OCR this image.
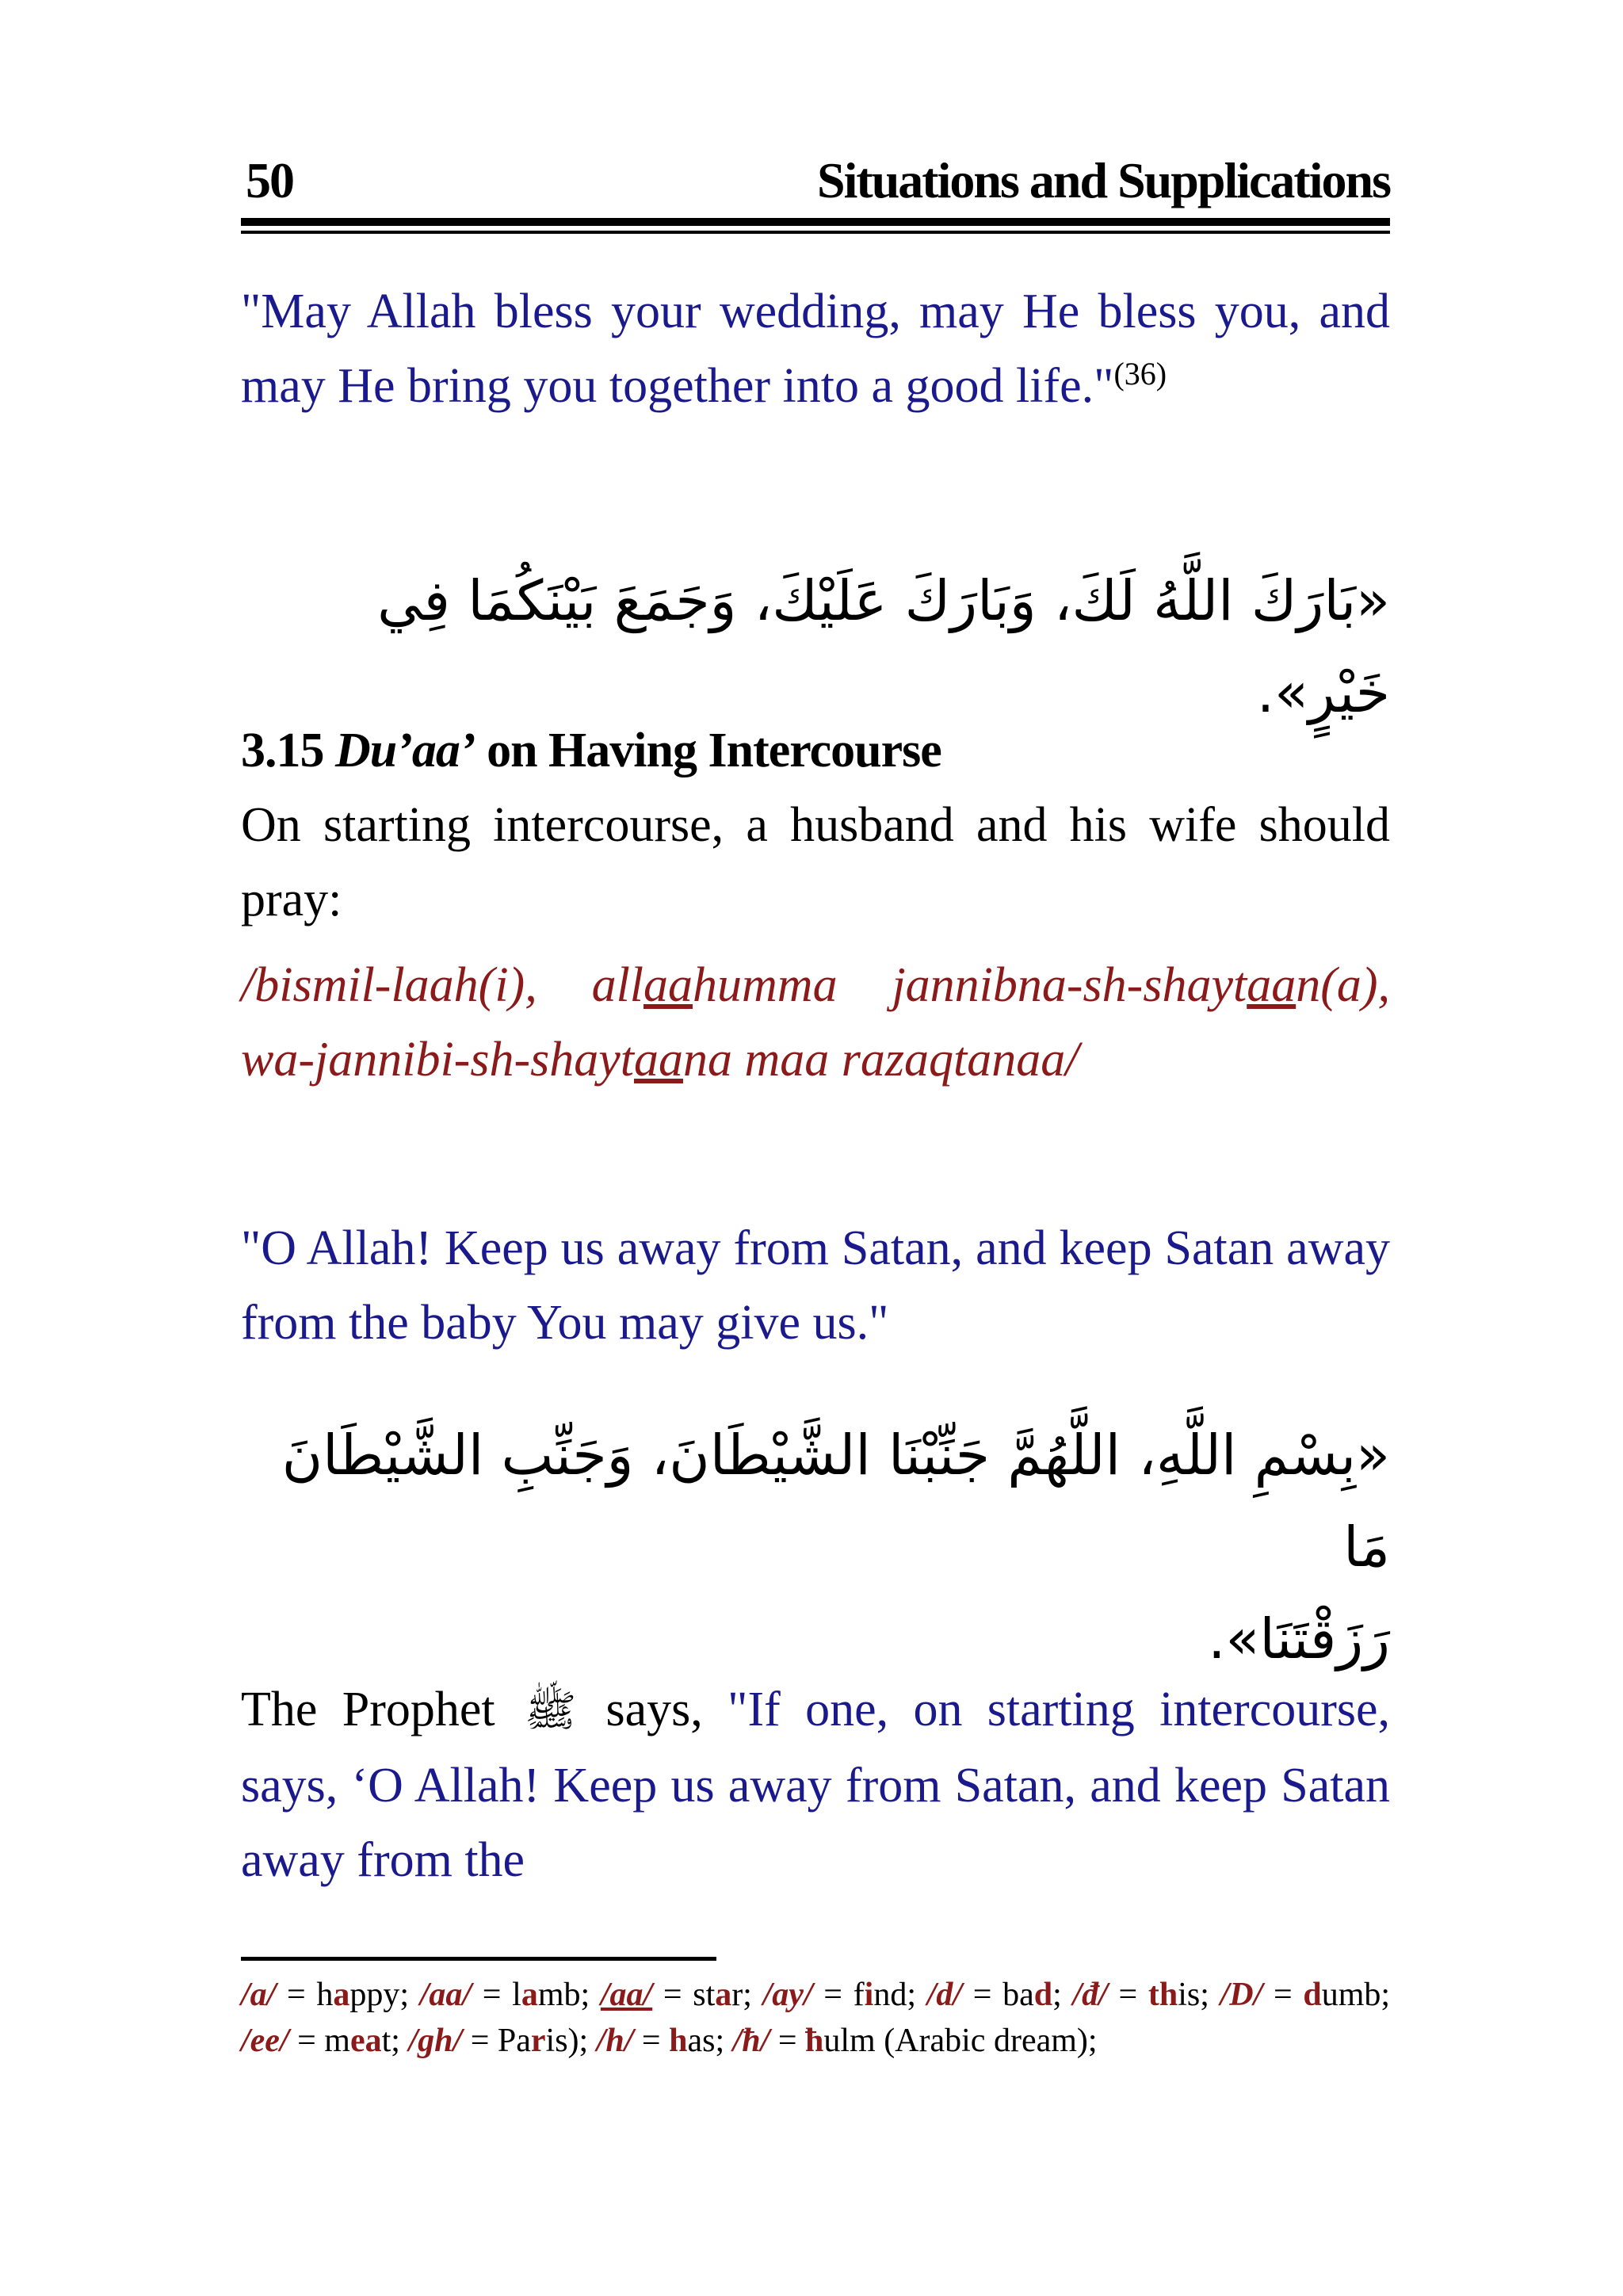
50	Situations and Supplications

"May Allah bless your wedding, may He bless you, and may He bring you together into a good life."$^{(36)}$

«بَارَكَ اللَّهُ لَكَ، وَبَارَكَ عَلَيْكَ، وَجَمَعَ بَيْنَكُمَا فِي خَيْرٍ».
3.15 Du’aa’ on Having Intercourse

On starting intercourse, a husband and his wife should pray:

/bismil-laah(i), allaahumma jannibna-sh-shaytaan(a), wa-jannibi-sh-shaytaana maa razaqtanaa/

"O Allah! Keep us away from Satan, and keep Satan away from the baby You may give us."

«بِسْمِ اللَّهِ، اللَّهُمَّ جَنِّبْنَا الشَّيْطَانَ، وَجَنِّبِ الشَّيْطَانَ مَا
رَزَقْتَنَا».

The Prophet ﷺ says, "If one, on starting intercourse, says, ‘O Allah! Keep us away from Satan, and keep Satan away from the

/a/ = happy; /aa/ = lamb; /aa/ = star; /ay/ = find; /d/ = bad; /đ/ = this; /D/ = dumb; /ee/ = meat; /gh/ = Paris); /h/ = has; /ħ/ = ħulm (Arabic dream);
